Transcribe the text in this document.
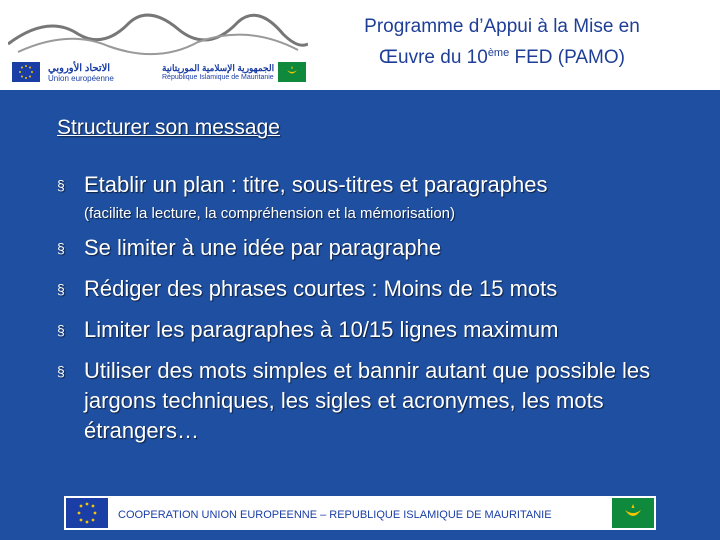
الاتحاد الأوروبي
Union européenne
الجمهورية الإسلامية الموريتانية
République Islamique de Mauritanie
Programme d’Appui à la Mise en
Œuvre du 10ème FED (PAMO)
Structurer son message
§ Etablir un plan : titre, sous-titres et paragraphes
(facilite la lecture, la compréhension et la mémorisation)
§ Se limiter à une idée par paragraphe
§ Rédiger des phrases courtes : Moins de 15 mots
§ Limiter les paragraphes à 10/15 lignes maximum
§ Utiliser des mots simples et bannir autant que possible les jargons techniques, les sigles et acronymes, les mots étrangers…
COOPERATION UNION EUROPEENNE – REPUBLIQUE ISLAMIQUE DE MAURITANIE
